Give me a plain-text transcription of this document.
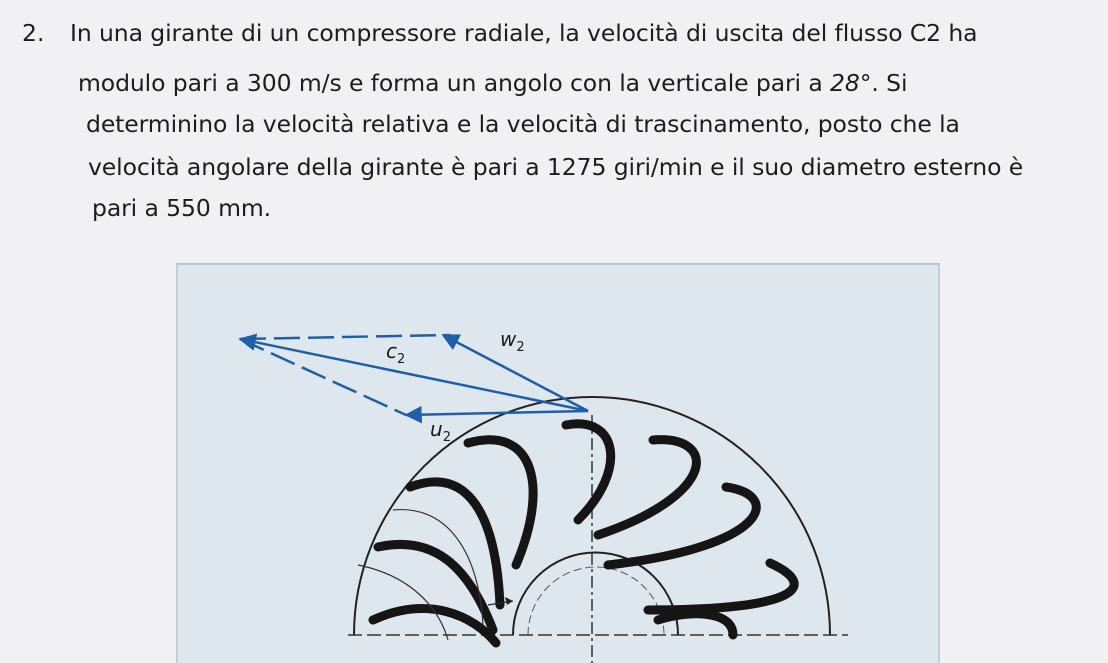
2. In una girante di un compressore radiale, la velocità di uscita del flusso C2 ha
modulo pari a 300 m/s e forma un angolo con la verticale pari a 28°. Si
determinino la velocità relativa e la velocità di trascinamento, posto che la
velocità angolare della girante è pari a 1275 giri/min e il suo diametro esterno è
pari a 550 mm.
$w_2$
$c_2$
$u_2$
